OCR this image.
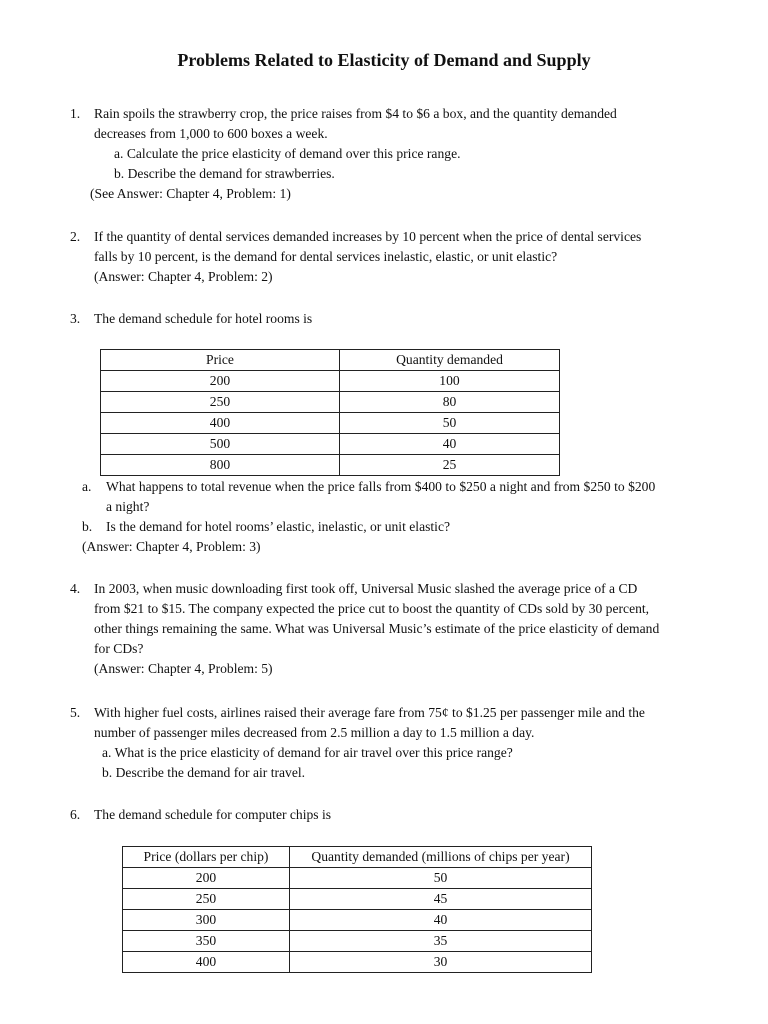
Problems Related to Elasticity of Demand and Supply
1. Rain spoils the strawberry crop, the price raises from $4 to $6 a box, and the quantity demanded
decreases from 1,000 to 600 boxes a week.
a. Calculate the price elasticity of demand over this price range.
b. Describe the demand for strawberries.
(See Answer: Chapter 4, Problem: 1)
2. If the quantity of dental services demanded increases by 10 percent when the price of dental services
falls by 10 percent, is the demand for dental services inelastic, elastic, or unit elastic?
(Answer: Chapter 4, Problem: 2)
3. The demand schedule for hotel rooms is
Price	Quantity demanded
200	100
250	80
400	50
500	40
800	25
a. What happens to total revenue when the price falls from $400 to $250 a night and from $250 to $200
a night?
b. Is the demand for hotel rooms’ elastic, inelastic, or unit elastic?
(Answer: Chapter 4, Problem: 3)
4. In 2003, when music downloading first took off, Universal Music slashed the average price of a CD
from $21 to $15. The company expected the price cut to boost the quantity of CDs sold by 30 percent,
other things remaining the same. What was Universal Music’s estimate of the price elasticity of demand
for CDs?
(Answer: Chapter 4, Problem: 5)
5. With higher fuel costs, airlines raised their average fare from 75¢ to $1.25 per passenger mile and the
number of passenger miles decreased from 2.5 million a day to 1.5 million a day.
a. What is the price elasticity of demand for air travel over this price range?
b. Describe the demand for air travel.
6. The demand schedule for computer chips is
Price (dollars per chip)	Quantity demanded (millions of chips per year)
200	50
250	45
300	40
350	35
400	30
